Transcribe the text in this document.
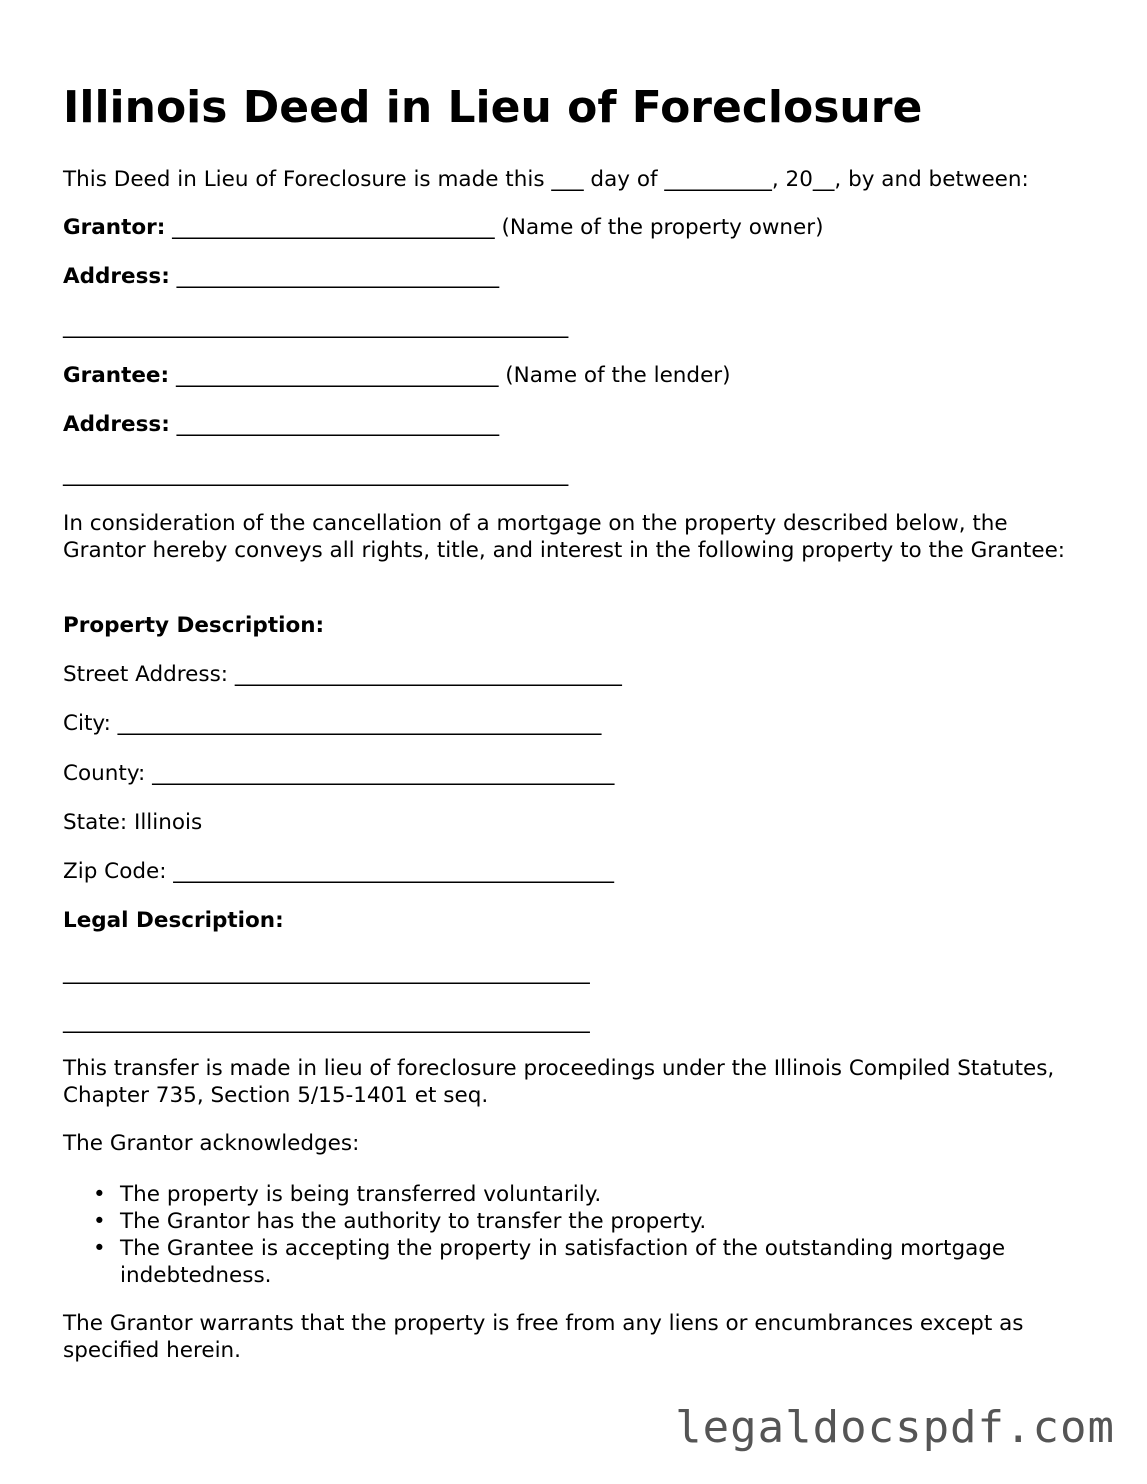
Illinois Deed in Lieu of Foreclosure
This Deed in Lieu of Foreclosure is made this ___ day of __________, 20__, by and between:
Grantor: ______________________________ (Name of the property owner)
Address: ______________________________
_______________________________________________
Grantee: ______________________________ (Name of the lender)
Address: ______________________________
_______________________________________________

In consideration of the cancellation of a mortgage on the property described below, the Grantor hereby conveys all rights, title, and interest in the following property to the Grantee:

Property Description:
Street Address: ____________________________________
City: _____________________________________________
County: ___________________________________________
State: Illinois
Zip Code: _________________________________________
Legal Description:
_________________________________________________
_________________________________________________

This transfer is made in lieu of foreclosure proceedings under the Illinois Compiled Statutes, Chapter 735, Section 5/15-1401 et seq.

The Grantor acknowledges:
• The property is being transferred voluntarily.
• The Grantor has the authority to transfer the property.
• The Grantee is accepting the property in satisfaction of the outstanding mortgage indebtedness.

The Grantor warrants that the property is free from any liens or encumbrances except as specified herein.

legaldocspdf.com
